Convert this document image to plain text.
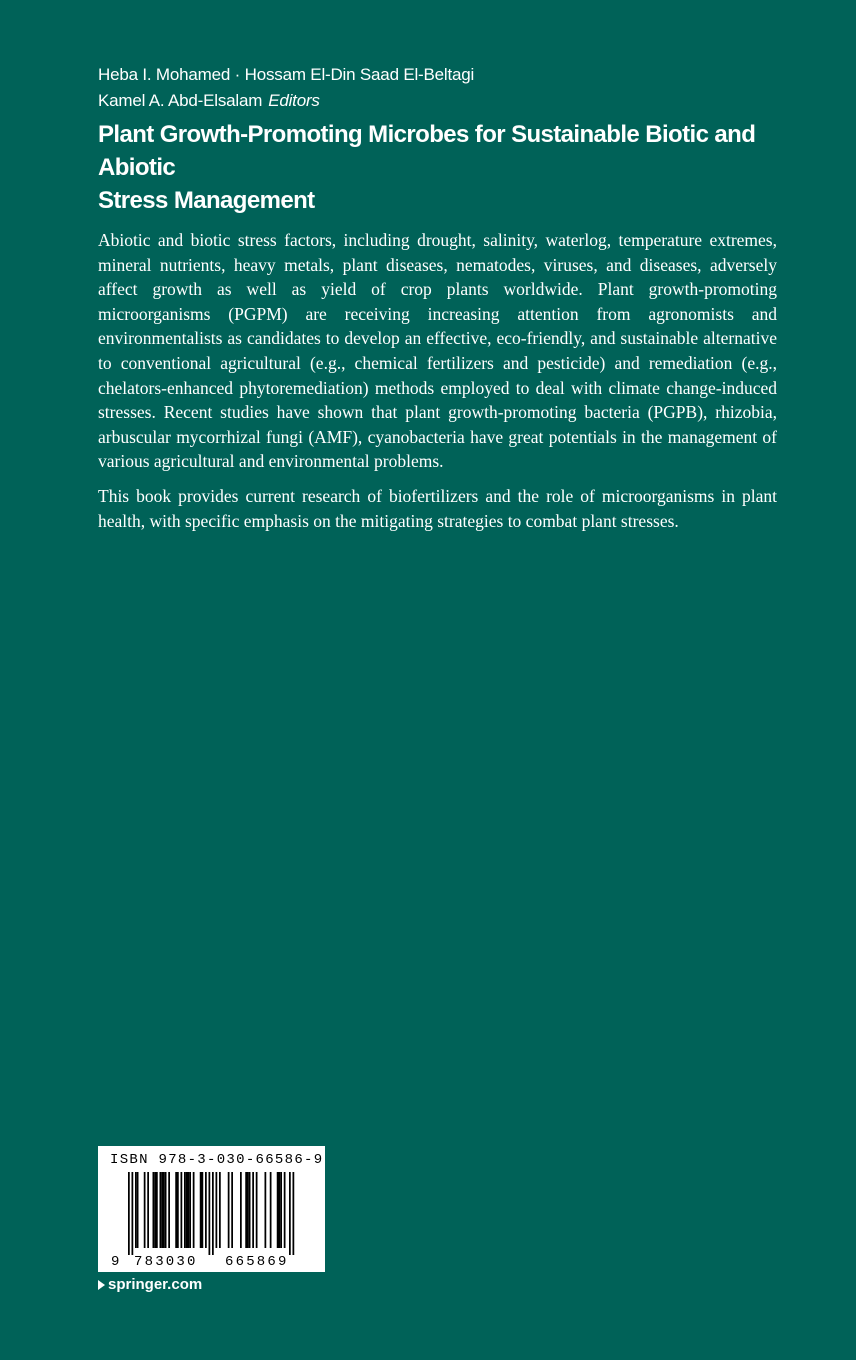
Heba I. Mohamed · Hossam El-Din Saad El-Beltagi
Kamel A. Abd-Elsalam Editors
Plant Growth-Promoting Microbes for Sustainable Biotic and Abiotic
Stress Management

Abiotic and biotic stress factors, including drought, salinity, waterlog, temperature extremes, mineral nutrients, heavy metals, plant diseases, nematodes, viruses, and diseases, adversely affect growth as well as yield of crop plants worldwide. Plant growth-promoting microorganisms (PGPM) are receiving increasing attention from agronomists and environmentalists as candidates to develop an effective, eco-friendly, and sustainable alternative to conventional agricultural (e.g., chemical fertilizers and pesticide) and remediation (e.g., chelators-enhanced phytoremediation) methods employed to deal with climate change-induced stresses. Recent studies have shown that plant growth-promoting bacteria (PGPB), rhizobia, arbuscular mycorrhizal fungi (AMF), cyanobacteria have great potentials in the management of various agricultural and environmental problems.

This book provides current research of biofertilizers and the role of microorganisms in plant health, with specific emphasis on the mitigating strategies to combat plant stresses.

ISBN 978-3-030-66586-9
9 783030 665869
springer.com
